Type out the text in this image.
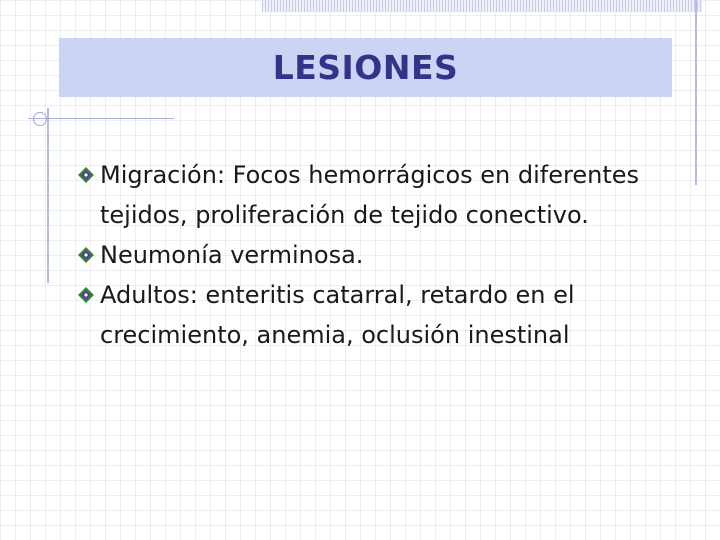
LESIONES
Migración: Focos hemorrágicos en diferentes tejidos, proliferación de tejido conectivo.
Neumonía verminosa.
Adultos: enteritis catarral, retardo en el crecimiento, anemia, oclusión inestinal
